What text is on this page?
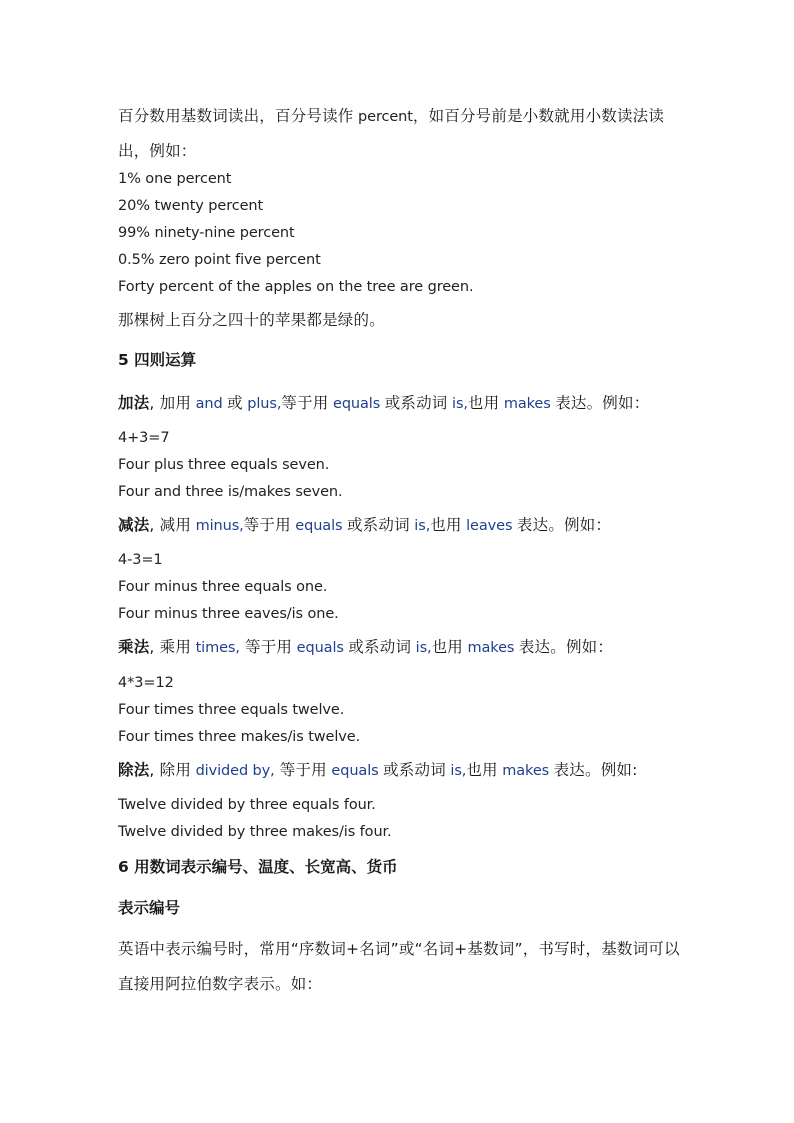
百分数用基数词读出，百分号读作 percent，如百分号前是小数就用小数读法读
出，例如：
1% one percent
20% twenty percent
99% ninety-nine percent
0.5% zero point five percent
Forty percent of the apples on the tree are green.
那棵树上百分之四十的苹果都是绿的。
5 四则运算
加法, 加用 and 或 plus,等于用 equals 或系动词 is,也用 makes 表达。例如：
4+3=7
Four plus three equals seven.
Four and three is/makes seven.
减法, 减用 minus,等于用 equals 或系动词 is,也用 leaves 表达。例如：
4-3=1
Four minus three equals one.
Four minus three eaves/is one.
乘法, 乘用 times, 等于用 equals 或系动词 is,也用 makes 表达。例如：
4*3=12
Four times three equals twelve.
Four times three makes/is twelve.
除法, 除用 divided by, 等于用 equals 或系动词 is,也用 makes 表达。例如:
Twelve divided by three equals four.
Twelve divided by three makes/is four.
6 用数词表示编号、温度、长宽高、货币
表示编号
英语中表示编号时，常用“序数词+名词”或“名词+基数词”，书写时，基数词可以
直接用阿拉伯数字表示。如：
